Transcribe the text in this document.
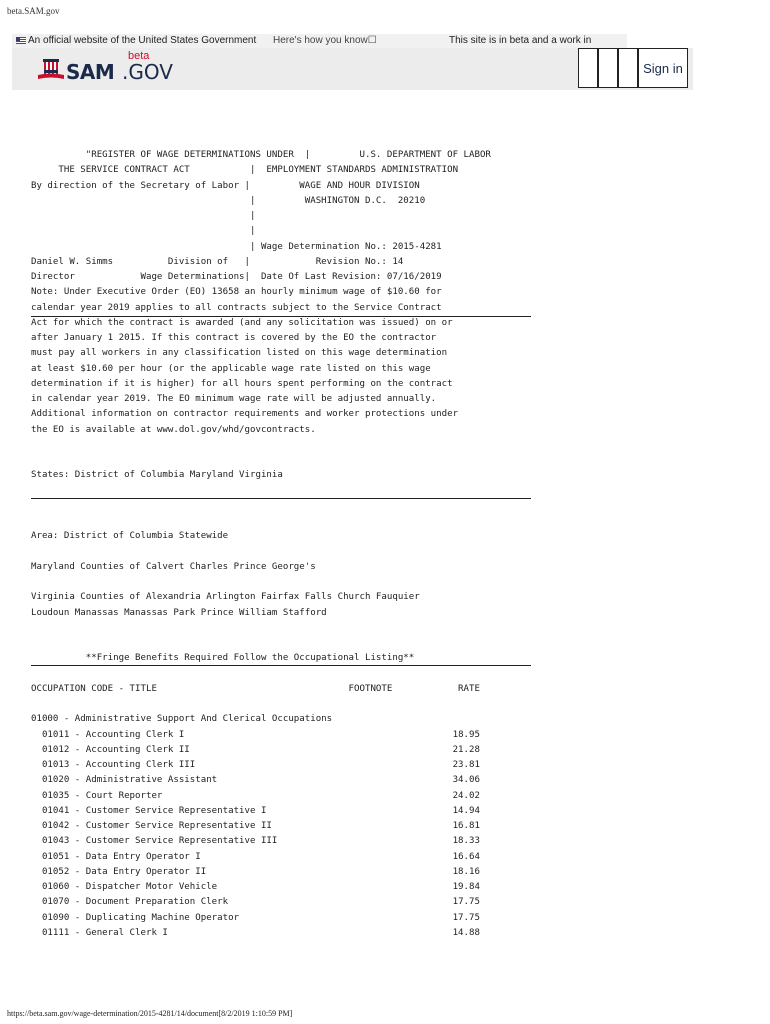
beta.SAM.gov
An official website of the United States Government Here's how you know☐	This site is in beta and a work in
SAM
beta
.GOV	Sign in
"REGISTER OF WAGE DETERMINATIONS UNDER  |         U.S. DEPARTMENT OF LABOR
THE SERVICE CONTRACT ACT           |  EMPLOYMENT STANDARDS ADMINISTRATION
By direction of the Secretary of Labor |         WAGE AND HOUR DIVISION
|         WASHINGTON D.C.  20210
|
|
| Wage Determination No.: 2015-4281
Daniel W. Simms          Division of   |            Revision No.: 14
Director            Wage Determinations|  Date Of Last Revision: 07/16/2019
Note: Under Executive Order (EO) 13658 an hourly minimum wage of $10.60 for
calendar year 2019 applies to all contracts subject to the Service Contract
Act for which the contract is awarded (and any solicitation was issued) on or
after January 1 2015. If this contract is covered by the EO the contractor
must pay all workers in any classification listed on this wage determination
at least $10.60 per hour (or the applicable wage rate listed on this wage
determination if it is higher) for all hours spent performing on the contract
in calendar year 2019. The EO minimum wage rate will be adjusted annually.
Additional information on contractor requirements and worker protections under
the EO is available at www.dol.gov/whd/govcontracts.

States: District of Columbia Maryland Virginia

Area: District of Columbia Statewide

Maryland Counties of Calvert Charles Prince George's

Virginia Counties of Alexandria Arlington Fairfax Falls Church Fauquier
Loudoun Manassas Manassas Park Prince William Stafford

**Fringe Benefits Required Follow the Occupational Listing**

OCCUPATION CODE - TITLE                                   FOOTNOTE            RATE

01000 - Administrative Support And Clerical Occupations
01011 - Accounting Clerk I	18.95
01012 - Accounting Clerk II	21.28
01013 - Accounting Clerk III	23.81
01020 - Administrative Assistant	34.06
01035 - Court Reporter	24.02
01041 - Customer Service Representative I	14.94
01042 - Customer Service Representative II	16.81
01043 - Customer Service Representative III	18.33
01051 - Data Entry Operator I	16.64
01052 - Data Entry Operator II	18.16
01060 - Dispatcher Motor Vehicle	19.84
01070 - Document Preparation Clerk	17.75
01090 - Duplicating Machine Operator	17.75
01111 - General Clerk I	14.88
https://beta.sam.gov/wage-determination/2015-4281/14/document[8/2/2019 1:10:59 PM]
